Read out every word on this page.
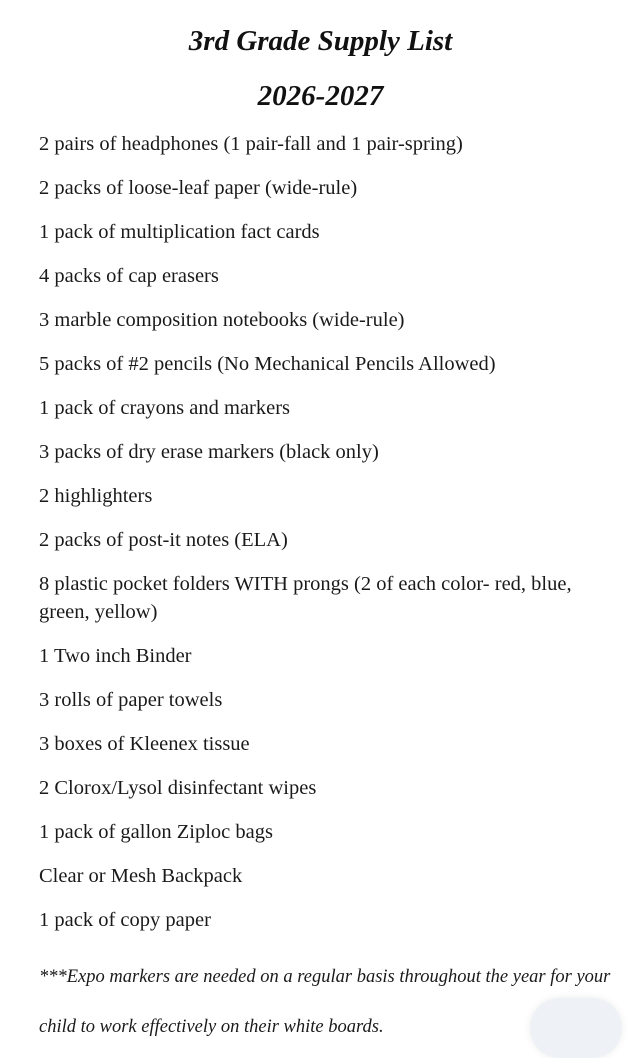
3rd Grade Supply List
2026-2027
2 pairs of headphones (1 pair-fall and 1 pair-spring)
2 packs of loose-leaf paper (wide-rule)
1 pack of multiplication fact cards
4 packs of cap erasers
3 marble composition notebooks (wide-rule)
5 packs of #2 pencils (No Mechanical Pencils Allowed)
1 pack of crayons and markers
3 packs of dry erase markers (black only)
2 highlighters
2 packs of post-it notes (ELA)
8 plastic pocket folders WITH prongs (2 of each color- red, blue, green, yellow)
1 Two inch Binder
3 rolls of paper towels
3 boxes of Kleenex tissue
2 Clorox/Lysol disinfectant wipes
1 pack of gallon Ziploc bags
Clear or Mesh Backpack
1 pack of copy paper

***Expo markers are needed on a regular basis throughout the year for your child to work effectively on their white boards.
